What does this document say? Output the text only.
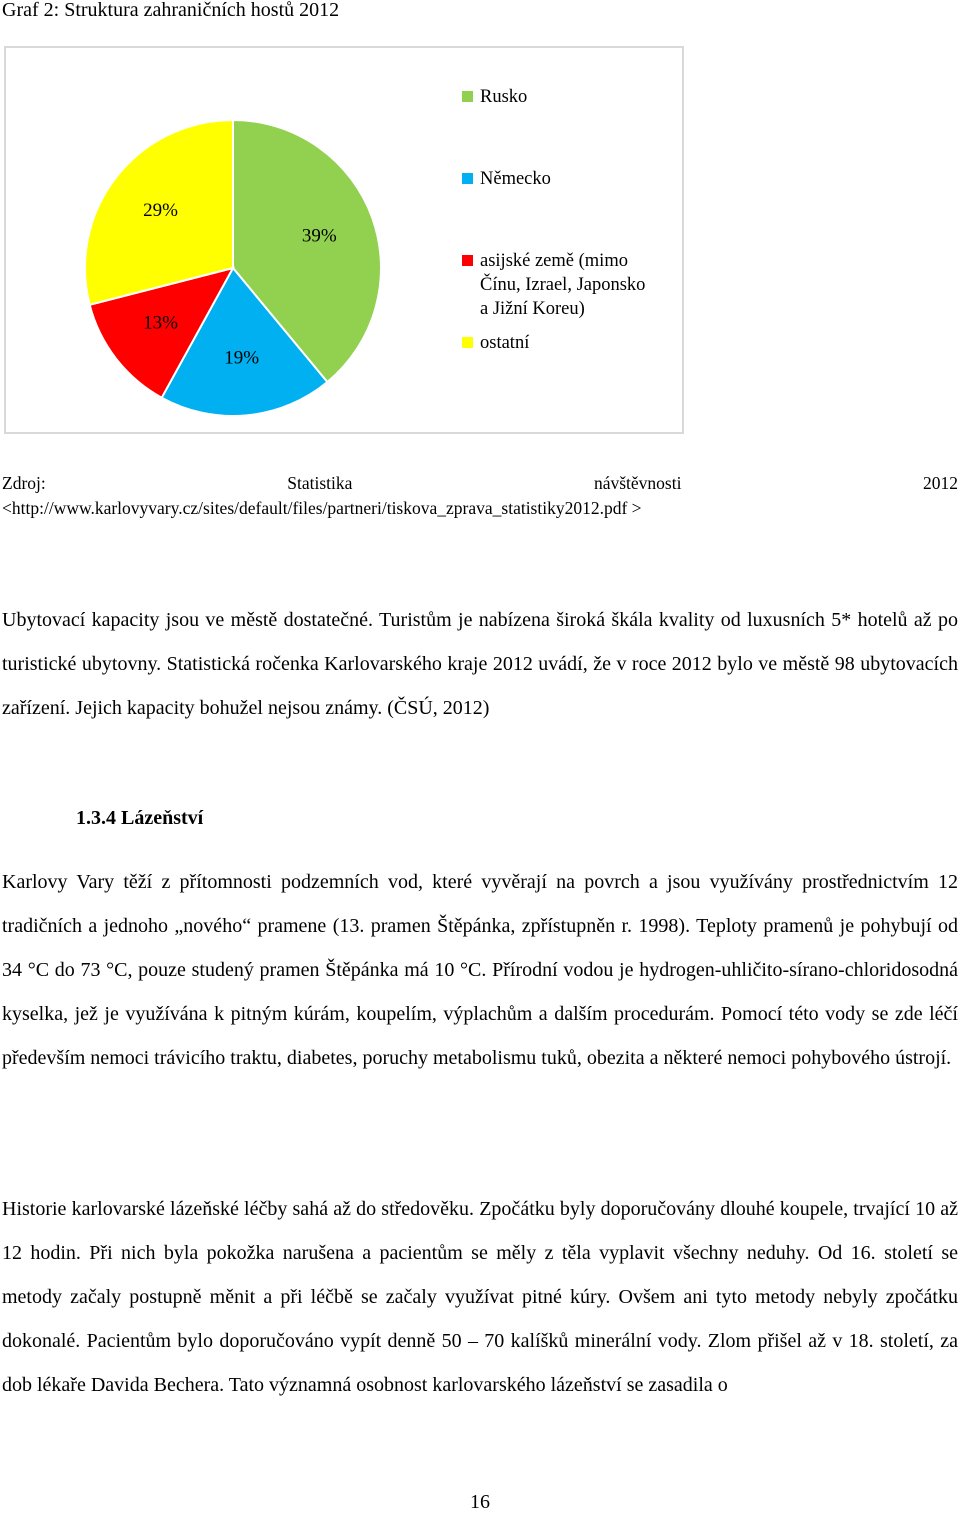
Graf 2: Struktura zahraničních hostů 2012
39%
19%
13%
29%
Rusko
Německo
asijské země (mimo
Čínu, Izrael, Japonsko
a Jižní Koreu)
ostatní
Zdroj:	Statistika	návštěvnosti	2012
<http://www.karlovyvary.cz/sites/default/files/partneri/tiskova_zprava_statistiky2012.pdf >

Ubytovací kapacity jsou ve městě dostatečné. Turistům je nabízena široká škála kvality od luxusních 5* hotelů až po turistické ubytovny. Statistická ročenka Karlovarského kraje 2012 uvádí, že v roce 2012 bylo ve městě 98 ubytovacích zařízení. Jejich kapacity bohužel nejsou známy. (ČSÚ, 2012)

1.3.4 Lázeňství

Karlovy Vary těží z přítomnosti podzemních vod, které vyvěrají na povrch a jsou využívány prostřednictvím 12 tradičních a jednoho „nového“ pramene (13. pramen Štěpánka, zpřístupněn r. 1998). Teploty pramenů je pohybují od 34 °C do 73 °C, pouze studený pramen Štěpánka má 10 °C. Přírodní vodou je hydrogen-uhličito-sírano-chloridosodná kyselka, jež je využívána k pitným kúrám, koupelím, výplachům a dalším procedurám. Pomocí této vody se zde léčí především nemoci trávicího traktu, diabetes, poruchy metabolismu tuků, obezita a některé nemoci pohybového ústrojí.

Historie karlovarské lázeňské léčby sahá až do středověku. Zpočátku byly doporučovány dlouhé koupele, trvající 10 až 12 hodin. Při nich byla pokožka narušena a pacientům se měly z těla vyplavit všechny neduhy. Od 16. století se metody začaly postupně měnit a při léčbě se začaly využívat pitné kúry. Ovšem ani tyto metody nebyly zpočátku dokonalé. Pacientům bylo doporučováno vypít denně 50 – 70 kalíšků minerální vody. Zlom přišel až v 18. století, za dob lékaře Davida Bechera. Tato významná osobnost karlovarského lázeňství se zasadila o

16
